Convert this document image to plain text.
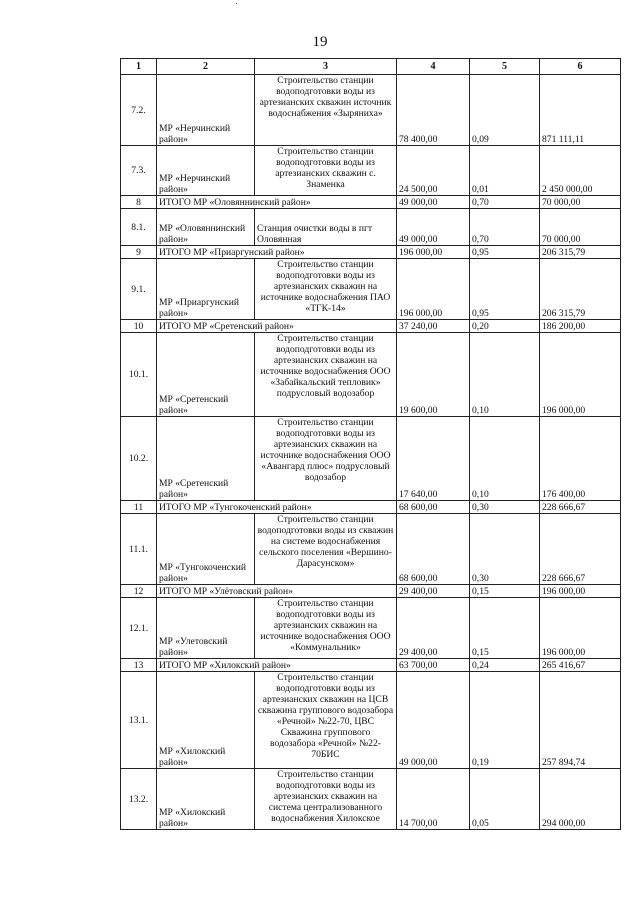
19
1	2	3	4	5	6
7.2.	МР «Нерчинский район»	Строительство станции водоподготовки воды из артезианских скважин источник водоснабжения «Зыряниха»	78 400,00	0,09	871 111,11
7.3.	МР «Нерчинский район»	Строительство станции водоподготовки воды из артезианских скважин с. Знаменка	24 500,00	0,01	2 450 000,00
8	ИТОГО МР «Оловяннинский район»		49 000,00	0,70	70 000,00
8.1.	МР «Оловяннинский район»	Станция очистки воды в пгт Оловянная	49 000,00	0,70	70 000,00
9	ИТОГО МР «Приаргунский район»		196 000,00	0,95	206 315,79
9.1.	МР «Приаргунский район»	Строительство станции водоподготовки воды из артезианских скважин на источнике водоснабжения ПАО «ТГК-14»	196 000,00	0,95	206 315,79
10	ИТОГО МР «Сретенский район»		37 240,00	0,20	186 200,00
10.1.	МР «Сретенский район»	Строительство станции водоподготовки воды из артезианских скважин на источнике водоснабжения ООО «Забайкальский тепловик» подрусловый водозабор	19 600,00	0,10	196 000,00
10.2.	МР «Сретенский район»	Строительство станции водоподготовки воды из артезианских скважин на источнике водоснабжения ООО «Авангард плюс» подрусловый водозабор	17 640,00	0,10	176 400,00
11	ИТОГО МР «Тунгокоченский район»		68 600,00	0,30	228 666,67
11.1.	МР «Тунгокоченский район»	Строительство станции водоподготовки воды из скважин на системе водоснабжения сельского поселения «Вершино-Дарасунском»	68 600,00	0,30	228 666,67
12	ИТОГО МР «Улётовский район»		29 400,00	0,15	196 000,00
12.1.	МР «Улетовский район»	Строительство станции водоподготовки воды из артезианских скважин на источнике водоснабжения ООО «Коммунальник»	29 400,00	0,15	196 000,00
13	ИТОГО МР «Хилокский район»		63 700,00	0,24	265 416,67
13.1.	МР «Хилокский район»	Строительство станции водоподготовки воды из артезианских скважин на ЦСВ скважина группового водозабора «Речной» №22-70, ЦВС Скважина группового водозабора «Речной» №22-70БИС	49 000,00	0,19	257 894,74
13.2.	МР «Хилокский район»	Строительство станции водоподготовки воды из артезианских скважин на система централизованного водоснабжения Хилокское	14 700,00	0,05	294 000,00
